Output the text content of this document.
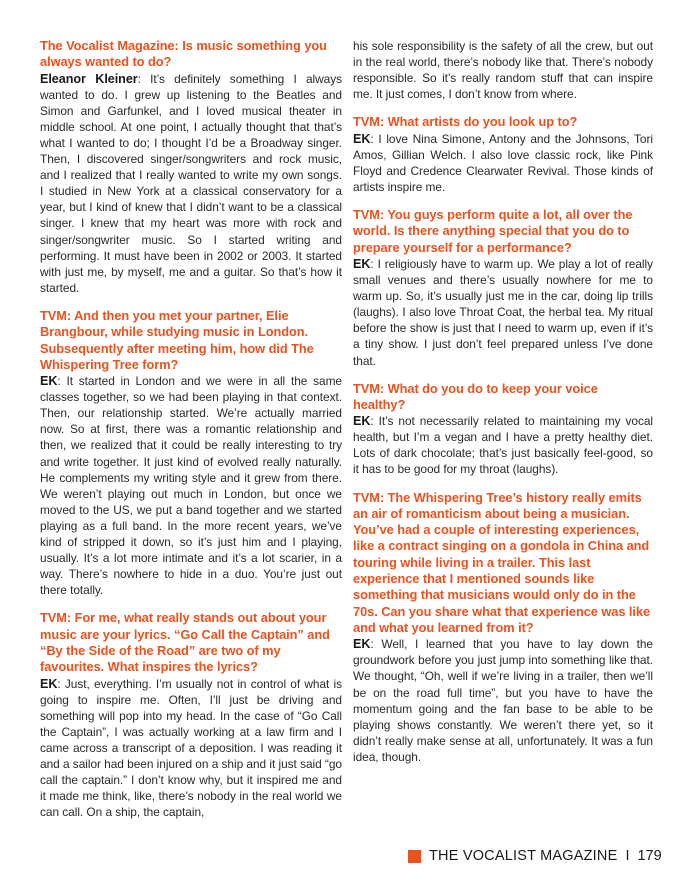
The Vocalist Magazine: Is music something you always wanted to do?

Eleanor Kleiner: It’s definitely something I always wanted to do. I grew up listening to the Beatles and Simon and Garfunkel, and I loved musical theater in middle school. At one point, I actually thought that that’s what I wanted to do; I thought I’d be a Broadway singer. Then, I discovered singer/songwriters and rock music, and I realized that I really wanted to write my own songs. I studied in New York at a classical conservatory for a year, but I kind of knew that I didn’t want to be a classical singer. I knew that my heart was more with rock and singer/songwriter music. So I started writing and performing. It must have been in 2002 or 2003. It started with just me, by myself, me and a guitar. So that’s how it started.

TVM: And then you met your partner, Elie Brangbour, while studying music in London. Subsequently after meeting him, how did The Whispering Tree form?

EK: It started in London and we were in all the same classes together, so we had been playing in that context. Then, our relationship started. We’re actually married now. So at first, there was a romantic relationship and then, we realized that it could be really interesting to try and write together. It just kind of evolved really naturally. He complements my writing style and it grew from there. We weren’t playing out much in London, but once we moved to the US, we put a band together and we started playing as a full band. In the more recent years, we’ve kind of stripped it down, so it’s just him and I playing, usually. It’s a lot more intimate and it’s a lot scarier, in a way. There’s nowhere to hide in a duo. You’re just out there totally.

TVM: For me, what really stands out about your music are your lyrics. “Go Call the Captain” and “By the Side of the Road” are two of my favourites. What inspires the lyrics?

EK: Just, everything. I’m usually not in control of what is going to inspire me. Often, I’ll just be driving and something will pop into my head. In the case of “Go Call the Captain”, I was actually working at a law firm and I came across a transcript of a deposition. I was reading it and a sailor had been injured on a ship and it just said “go call the captain.” I don’t know why, but it inspired me and it made me think, like, there’s nobody in the real world we can call. On a ship, the captain,

his sole responsibility is the safety of all the crew, but out in the real world, there’s nobody like that. There’s nobody responsible. So it’s really random stuff that can inspire me. It just comes, I don’t know from where.

TVM: What artists do you look up to?

EK: I love Nina Simone, Antony and the Johnsons, Tori Amos, Gillian Welch. I also love classic rock, like Pink Floyd and Credence Clearwater Revival. Those kinds of artists inspire me.

TVM: You guys perform quite a lot, all over the world. Is there anything special that you do to prepare yourself for a performance?

EK: I religiously have to warm up. We play a lot of really small venues and there’s usually nowhere for me to warm up. So, it’s usually just me in the car, doing lip trills (laughs). I also love Throat Coat, the herbal tea. My ritual before the show is just that I need to warm up, even if it’s a tiny show. I just don’t feel prepared unless I’ve done that.

TVM: What do you do to keep your voice healthy?

EK: It’s not necessarily related to maintaining my vocal health, but I’m a vegan and I have a pretty healthy diet. Lots of dark chocolate; that’s just basically feel-good, so it has to be good for my throat (laughs).

TVM: The Whispering Tree’s history really emits an air of romanticism about being a musician. You’ve had a couple of interesting experiences, like a contract singing on a gondola in China and touring while living in a trailer. This last experience that I mentioned sounds like something that musicians would only do in the 70s. Can you share what that experience was like and what you learned from it?

EK: Well, I learned that you have to lay down the groundwork before you just jump into something like that. We thought, “Oh, well if we’re living in a trailer, then we’ll be on the road full time”, but you have to have the momentum going and the fan base to be able to be playing shows constantly. We weren’t there yet, so it didn’t really make sense at all, unfortunately. It was a fun idea, though.

THE VOCALIST MAGAZINE I 179
